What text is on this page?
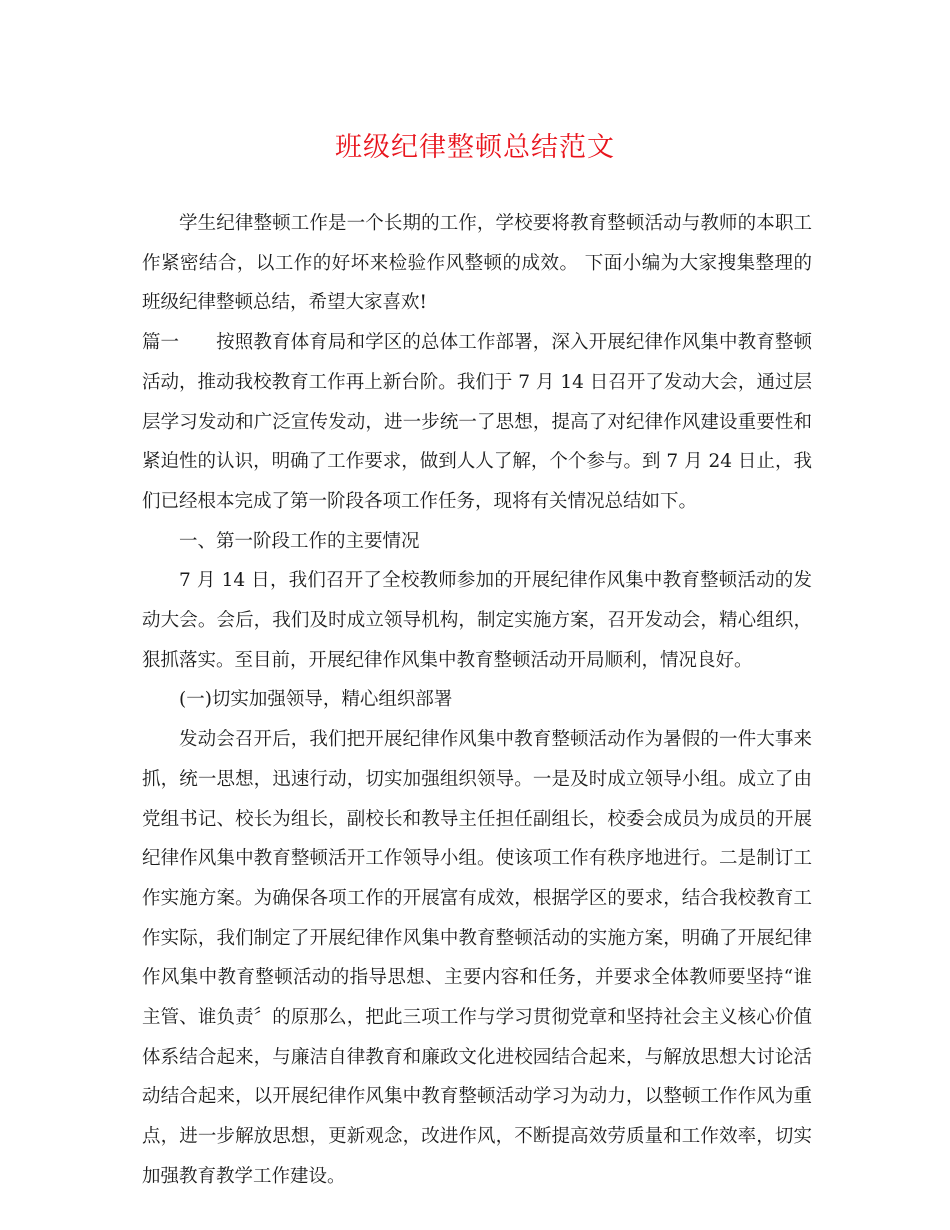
班级纪律整顿总结范文

学生纪律整顿工作是一个长期的工作，学校要将教育整顿活动与教师的本职工作紧密结合，以工作的好坏来检验作风整顿的成效。 下面小编为大家搜集整理的班级纪律整顿总结，希望大家喜欢!

篇一 按照教育体育局和学区的总体工作部署，深入开展纪律作风集中教育整顿活动，推动我校教育工作再上新台阶。我们于 7 月 14 日召开了发动大会，通过层层学习发动和广泛宣传发动，进一步统一了思想，提高了对纪律作风建设重要性和紧迫性的认识，明确了工作要求，做到人人了解，个个参与。到 7 月 24 日止，我们已经根本完成了第一阶段各项工作任务，现将有关情况总结如下。

一、第一阶段工作的主要情况

7 月 14 日，我们召开了全校教师参加的开展纪律作风集中教育整顿活动的发动大会。会后，我们及时成立领导机构，制定实施方案，召开发动会，精心组织，狠抓落实。至目前，开展纪律作风集中教育整顿活动开局顺利，情况良好。

(一)切实加强领导，精心组织部署

发动会召开后，我们把开展纪律作风集中教育整顿活动作为暑假的一件大事来抓，统一思想，迅速行动，切实加强组织领导。一是及时成立领导小组。成立了由党组书记、校长为组长，副校长和教导主任担任副组长，校委会成员为成员的开展纪律作风集中教育整顿活开工作领导小组。使该项工作有秩序地进行。二是制订工作实施方案。为确保各项工作的开展富有成效，根据学区的要求，结合我校教育工作实际，我们制定了开展纪律作风集中教育整顿活动的实施方案，明确了开展纪律作风集中教育整顿活动的指导思想、主要内容和任务，并要求全体教师要坚持“谁主管、谁负责〞的原那么，把此三项工作与学习贯彻党章和坚持社会主义核心价值体系结合起来，与廉洁自律教育和廉政文化进校园结合起来，与解放思想大讨论活动结合起来，以开展纪律作风集中教育整顿活动学习为动力，以整顿工作作风为重点，进一步解放思想，更新观念，改进作风，不断提高效劳质量和工作效率，切实加强教育教学工作建设。
